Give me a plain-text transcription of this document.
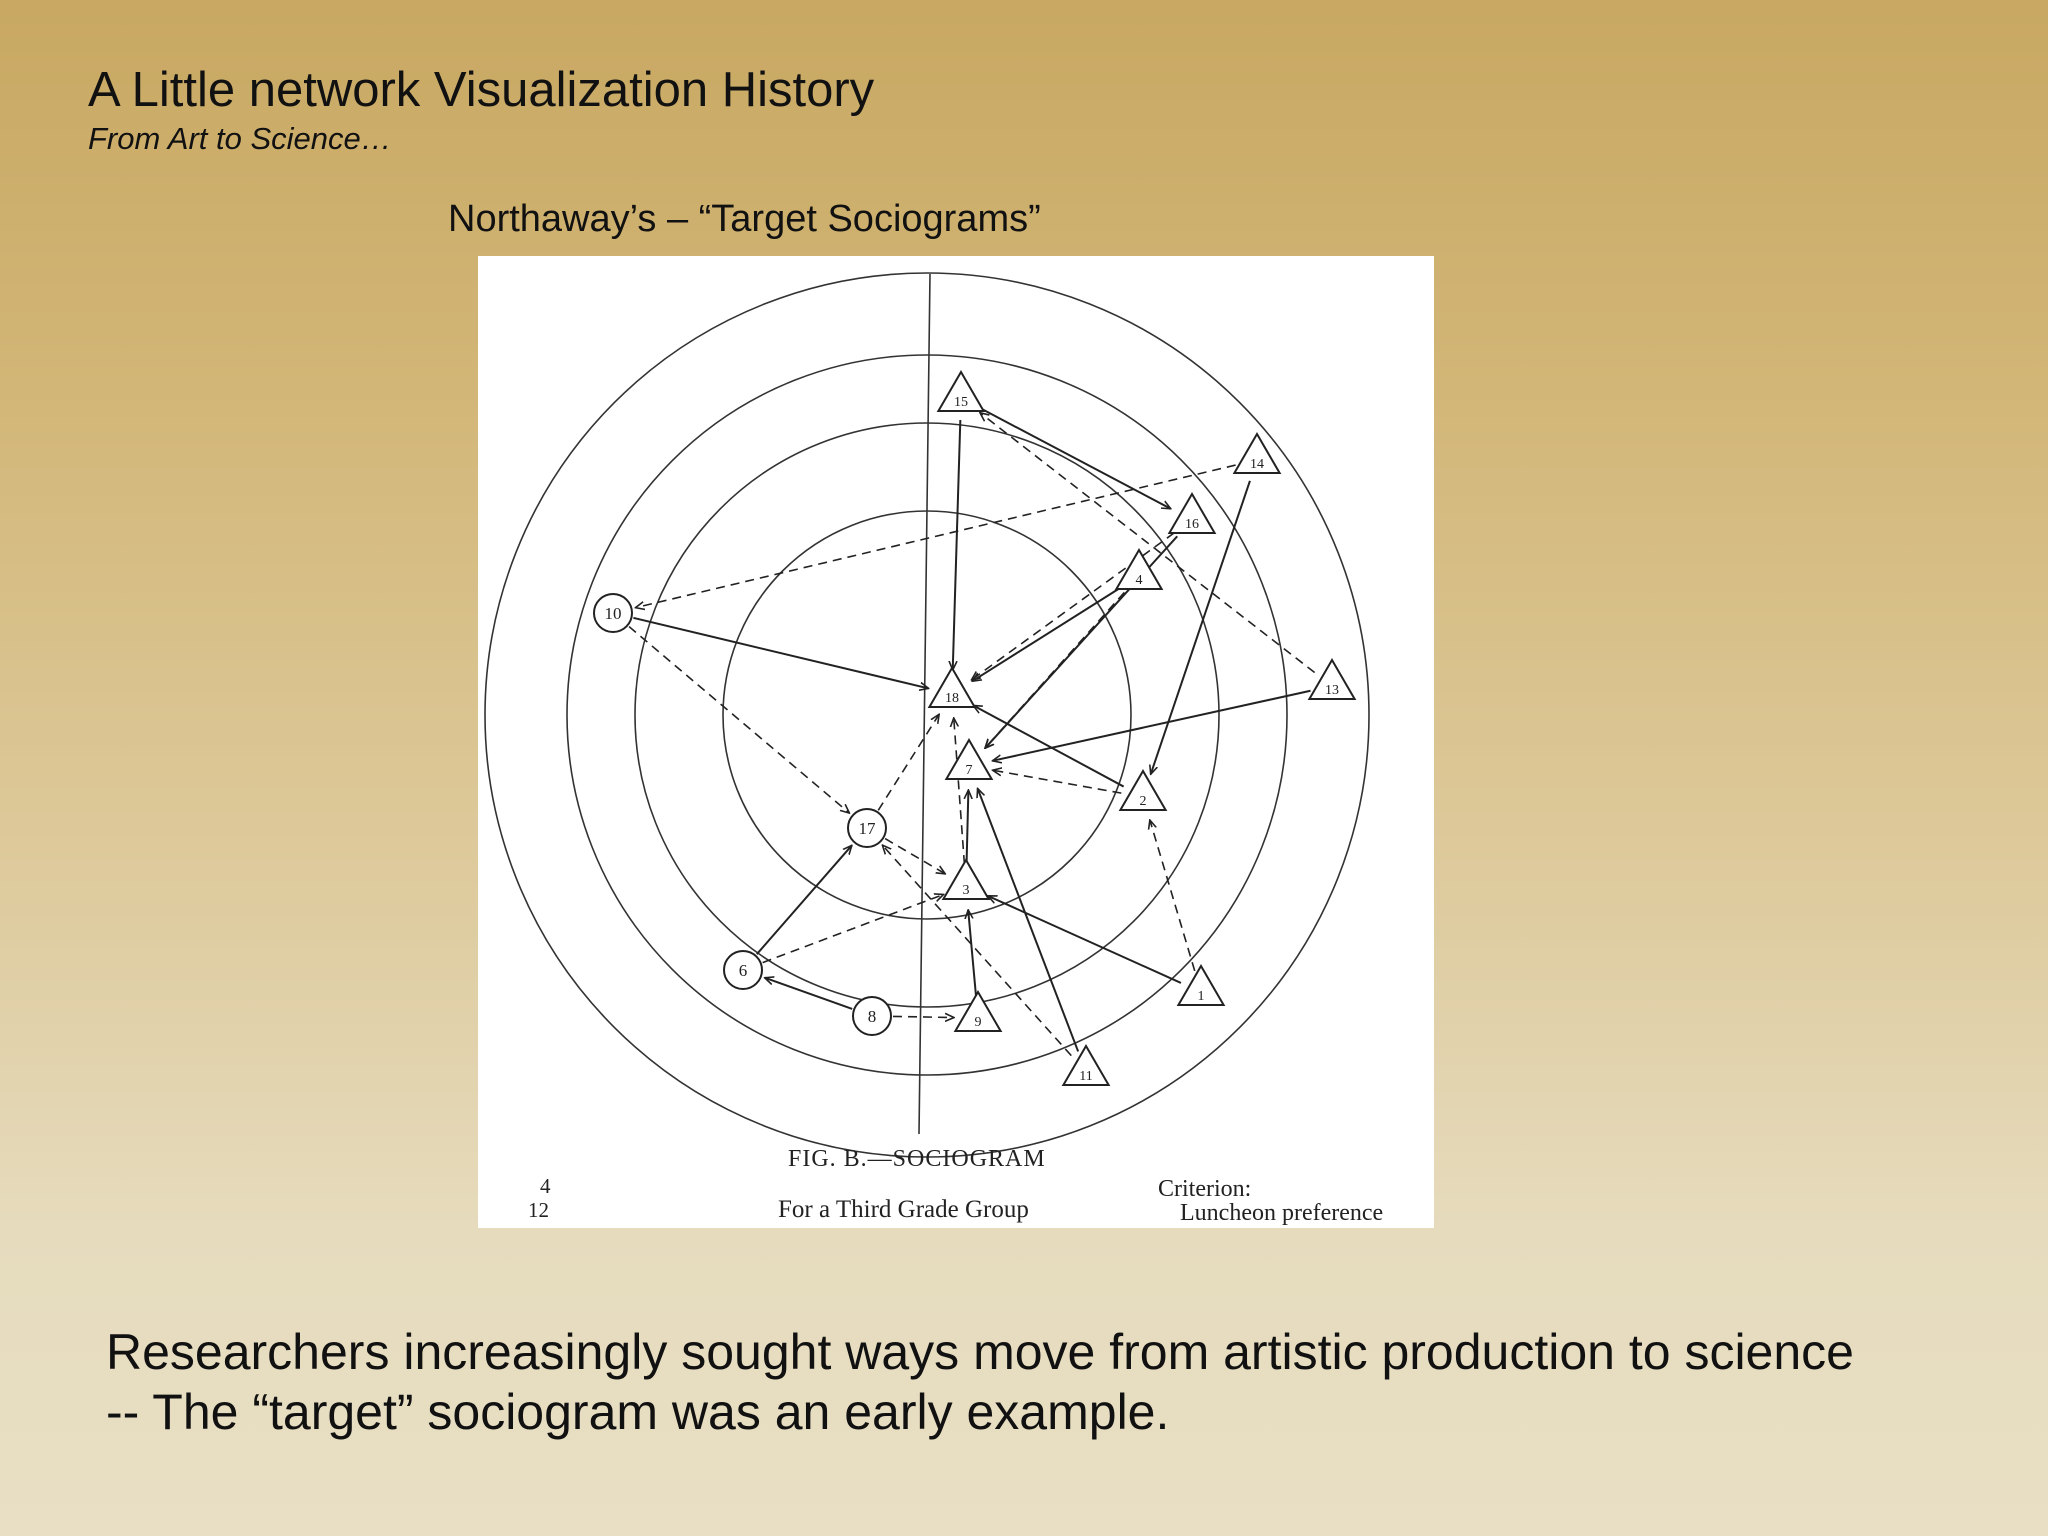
A Little network Visualization History
From Art to Science…
Northaway’s – “Target Sociograms”
15
14
16
4
10
18
13
7
2
17
3
6
1
8	9
11
FIG. B.—SOCIOGRAM
For a Third Grade Group
Criterion:
Luncheon preference
4
12
Researchers increasingly sought ways move from artistic production to science -- The “target” sociogram was an early example.
